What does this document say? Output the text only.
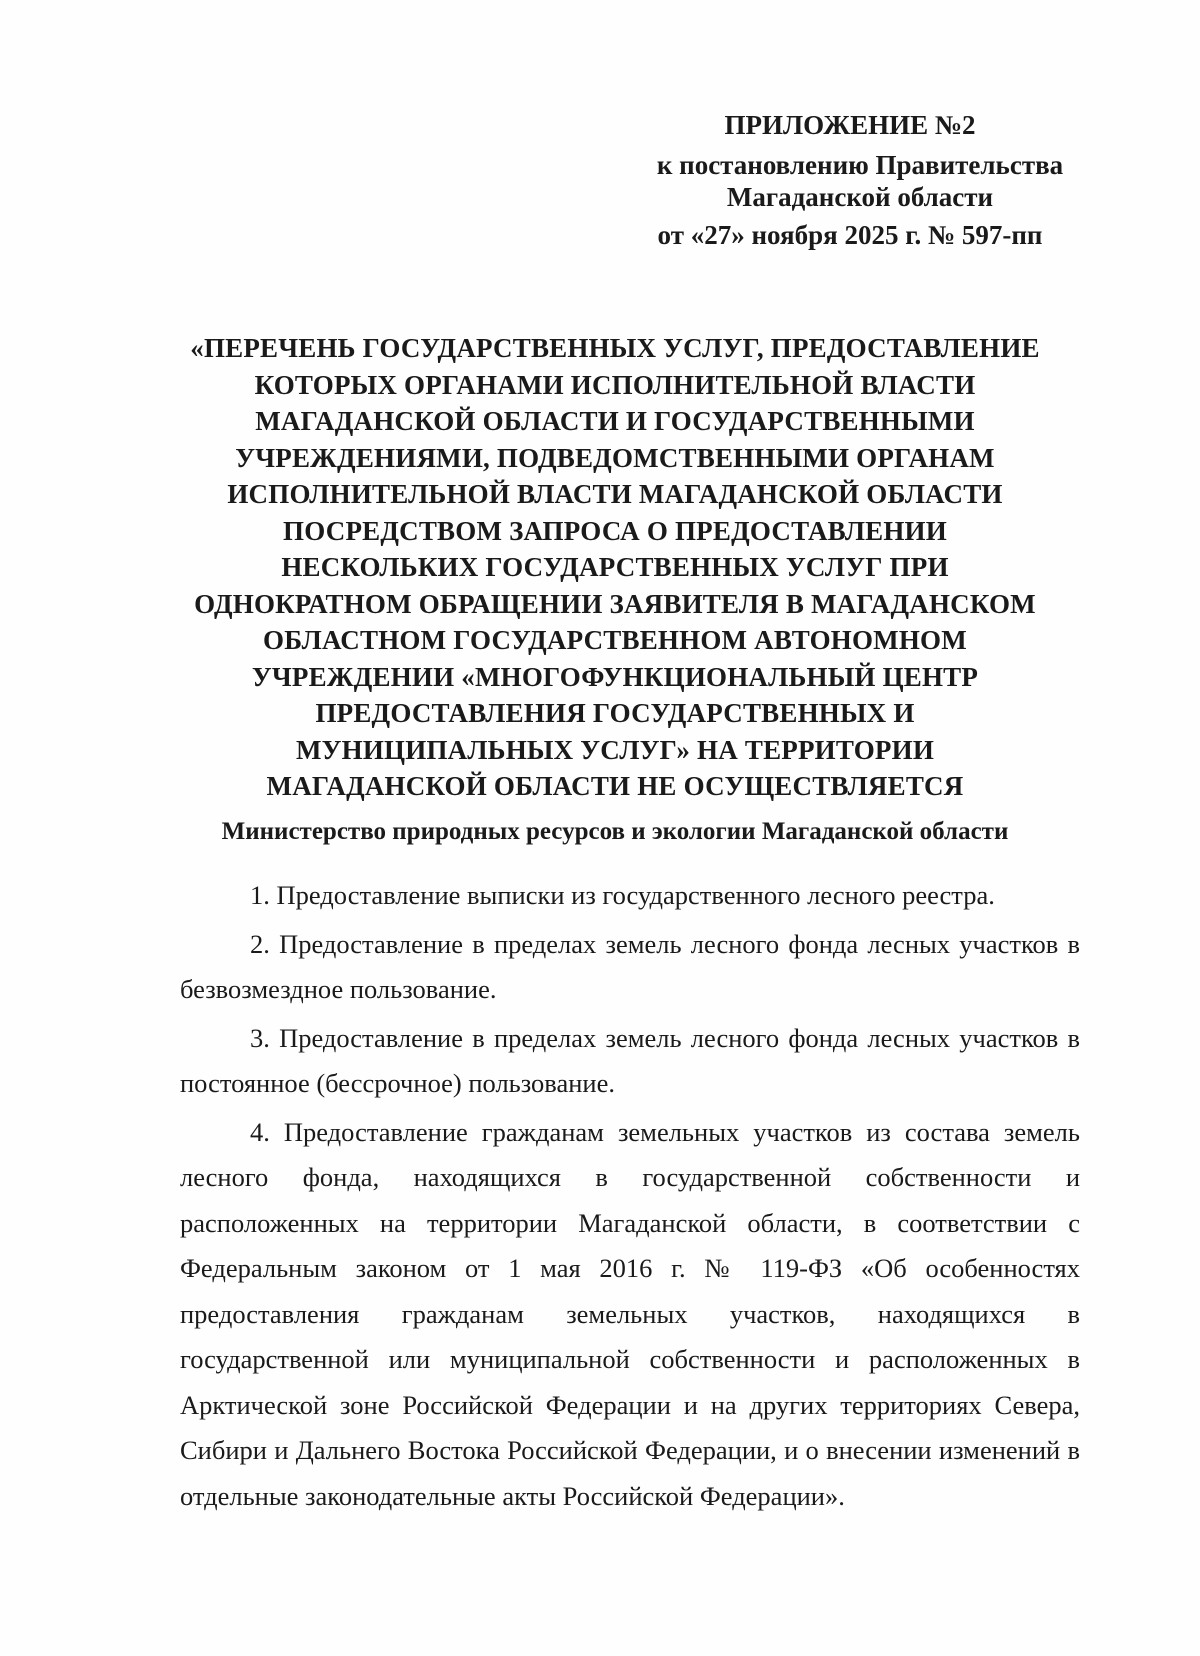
ПРИЛОЖЕНИЕ №2
к постановлению Правительства
Магаданской области
от «27» ноября 2025 г. № 597-пп
«ПЕРЕЧЕНЬ ГОСУДАРСТВЕННЫХ УСЛУГ, ПРЕДОСТАВЛЕНИЕ
КОТОРЫХ ОРГАНАМИ ИСПОЛНИТЕЛЬНОЙ ВЛАСТИ
МАГАДАНСКОЙ ОБЛАСТИ И ГОСУДАРСТВЕННЫМИ
УЧРЕЖДЕНИЯМИ, ПОДВЕДОМСТВЕННЫМИ ОРГАНАМ
ИСПОЛНИТЕЛЬНОЙ ВЛАСТИ МАГАДАНСКОЙ ОБЛАСТИ
ПОСРЕДСТВОМ ЗАПРОСА О ПРЕДОСТАВЛЕНИИ
НЕСКОЛЬКИХ ГОСУДАРСТВЕННЫХ УСЛУГ ПРИ
ОДНОКРАТНОМ ОБРАЩЕНИИ ЗАЯВИТЕЛЯ В МАГАДАНСКОМ
ОБЛАСТНОМ ГОСУДАРСТВЕННОМ АВТОНОМНОМ
УЧРЕЖДЕНИИ «МНОГОФУНКЦИОНАЛЬНЫЙ ЦЕНТР
ПРЕДОСТАВЛЕНИЯ ГОСУДАРСТВЕННЫХ И
МУНИЦИПАЛЬНЫХ УСЛУГ» НА ТЕРРИТОРИИ
МАГАДАНСКОЙ ОБЛАСТИ НЕ ОСУЩЕСТВЛЯЕТСЯ
Министерство природных ресурсов и экологии Магаданской области

1. Предоставление выписки из государственного лесного реестра.

2. Предоставление в пределах земель лесного фонда лесных участков в безвозмездное пользование.

3. Предоставление в пределах земель лесного фонда лесных участков в постоянное (бессрочное) пользование.

4. Предоставление гражданам земельных участков из состава земель лесного фонда, находящихся в государственной собственности и расположенных на территории Магаданской области, в соответствии с Федеральным законом от 1 мая 2016 г. № 119-ФЗ «Об особенностях предоставления гражданам земельных участков, находящихся в государственной или муниципальной собственности и расположенных в Арктической зоне Российской Федерации и на других территориях Севера, Сибири и Дальнего Востока Российской Федерации, и о внесении изменений в отдельные законодательные акты Российской Федерации».
